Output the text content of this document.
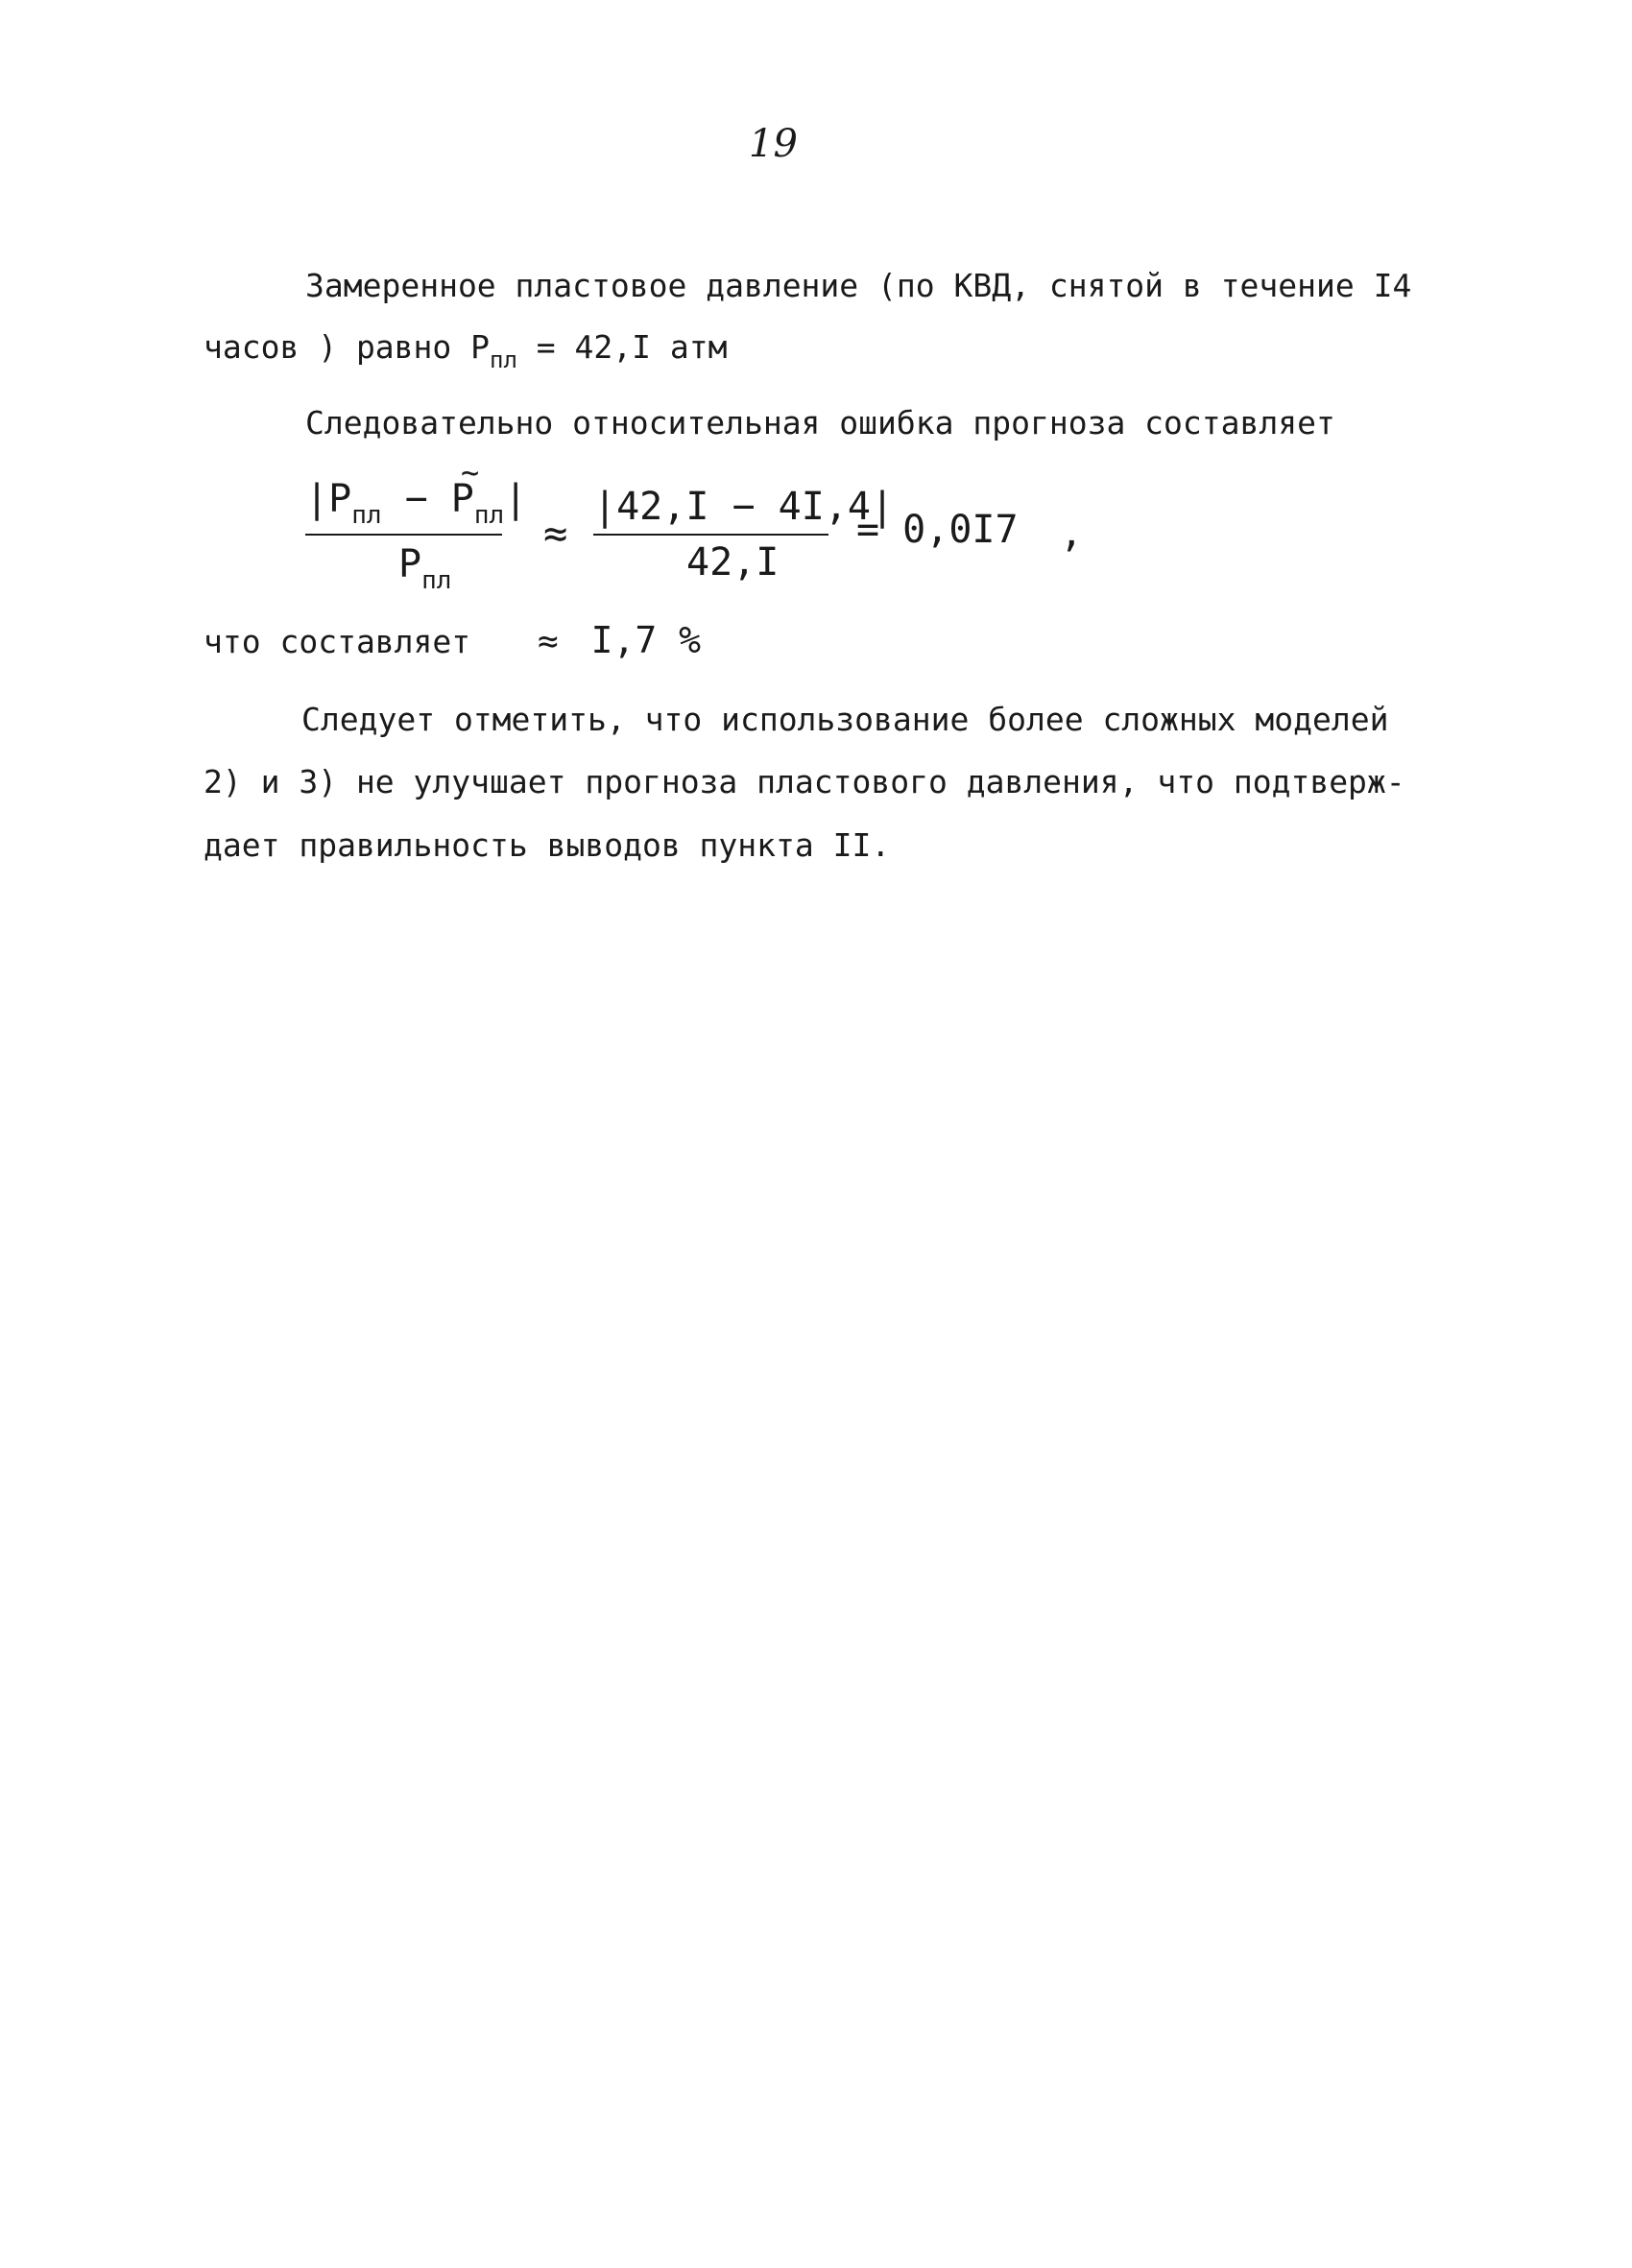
19
Замеренное пластовое давление (по КВД, снятой в течение I4
часов ) равно $P_{пл} = 42,I$ атм
Следовательно относительная ошибка прогноза составляет
$|P_{пл} - P_{пл}|$
~
$P_{пл}$
≈
|42,I − 4I,4|
42,I
= 0,0I7 ,
что составляет ≈ I,7 %
Следует отметить, что использование более сложных моделей
2) и 3) не улучшает прогноза пластового давления, что подтверж-
дает правильность выводов пункта II.
